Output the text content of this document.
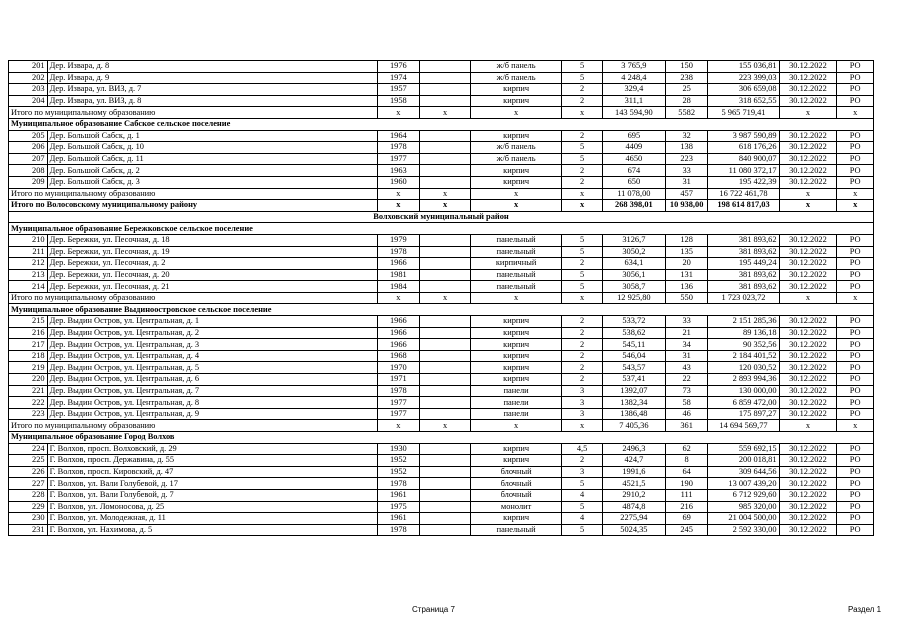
201	Дер. Извара, д. 8	1976		ж/б панель	5	3 765,9	150	155 036,81	30.12.2022	РО
202	Дер. Извара, д. 9	1974		ж/б панель	5	4 248,4	238	223 399,03	30.12.2022	РО
203	Дер. Извара, ул. ВИЗ, д. 7	1957		кирпич	2	329,4	25	306 659,08	30.12.2022	РО
204	Дер. Извара, ул. ВИЗ, д. 8	1958		кирпич	2	311,1	28	318 652,55	30.12.2022	РО
Итого по муниципальному образованию		x	x	x	x	143 594,90	5582	5 965 719,41	x	x
Муниципальное образование Сабское сельское поселение										
205	Дер. Большой Сабск, д. 1	1964		кирпич	2	695	32	3 987 590,89	30.12.2022	РО
206	Дер. Большой Сабск, д. 10	1978		ж/б панель	5	4409	138	618 176,26	30.12.2022	РО
207	Дер. Большой Сабск, д. 11	1977		ж/б панель	5	4650	223	840 900,07	30.12.2022	РО
208	Дер. Большой Сабск, д. 2	1963		кирпич	2	674	33	11 080 372,17	30.12.2022	РО
209	Дер. Большой Сабск, д. 3	1960		кирпич	2	650	31	195 422,39	30.12.2022	РО
Итого по муниципальному образованию		x	x	x	x	11 078,00	457	16 722 461,78	x	x
Итого по Волосовскому муниципальному району		x	x	x	x	268 398,01	10 938,00	198 614 817,03	x	x
Волховский муниципальный район										
Муниципальное образование Бережковское сельское поселение										
210	Дер. Бережки, ул. Песочная, д. 18	1979		панельный	5	3126,7	128	381 893,62	30.12.2022	РО
211	Дер. Бережки, ул. Песочная, д. 19	1978		панельный	5	3050,2	135	381 893,62	30.12.2022	РО
212	Дер. Бережки, ул. Песочная, д. 2	1966		кирпичный	2	634,1	20	195 449,24	30.12.2022	РО
213	Дер. Бережки, ул. Песочная, д. 20	1981		панельный	5	3056,1	131	381 893,62	30.12.2022	РО
214	Дер. Бережки, ул. Песочная, д. 21	1984		панельный	5	3058,7	136	381 893,62	30.12.2022	РО
Итого по муниципальному образованию		x	x	x	x	12 925,80	550	1 723 023,72	x	x
Муниципальное образование Выдиноостровское сельское поселение										
215	Дер. Выдин Остров, ул. Центральная, д. 1	1966		кирпич	2	533,72	33	2 151 285,36	30.12.2022	РО
216	Дер. Выдин Остров, ул. Центральная, д. 2	1966		кирпич	2	538,62	21	89 136,18	30.12.2022	РО
217	Дер. Выдин Остров, ул. Центральная, д. 3	1966		кирпич	2	545,11	34	90 352,56	30.12.2022	РО
218	Дер. Выдин Остров, ул. Центральная, д. 4	1968		кирпич	2	546,04	31	2 184 401,52	30.12.2022	РО
219	Дер. Выдин Остров, ул. Центральная, д. 5	1970		кирпич	2	543,57	43	120 030,52	30.12.2022	РО
220	Дер. Выдин Остров, ул. Центральная, д. 6	1971		кирпич	2	537,41	22	2 893 994,36	30.12.2022	РО
221	Дер. Выдин Остров, ул. Центральная, д. 7	1978		панели	3	1392,07	73	130 000,00	30.12.2022	РО
222	Дер. Выдин Остров, ул. Центральная, д. 8	1977		панели	3	1382,34	58	6 859 472,00	30.12.2022	РО
223	Дер. Выдин Остров, ул. Центральная, д. 9	1977		панели	3	1386,48	46	175 897,27	30.12.2022	РО
Итого по муниципальному образованию		x	x	x	x	7 405,36	361	14 694 569,77	x	x
Муниципальное образование Город Волхов										
224	Г. Волхов, просп. Волховский, д. 29	1930		кирпич	4,5	2496,3	62	559 692,15	30.12.2022	РО
225	Г. Волхов, просп. Державина, д. 55	1952		кирпич	2	424,7	8	200 018,81	30.12.2022	РО
226	Г. Волхов, просп. Кировский, д. 47	1952		блочный	3	1991,6	64	309 644,56	30.12.2022	РО
227	Г. Волхов, ул. Вали Голубевой, д. 17	1978		блочный	5	4521,5	190	13 007 439,20	30.12.2022	РО
228	Г. Волхов, ул. Вали Голубевой, д. 7	1961		блочный	4	2910,2	111	6 712 929,60	30.12.2022	РО
229	Г. Волхов, ул. Ломоносова, д. 25	1975		монолит	5	4874,8	216	985 320,00	30.12.2022	РО
230	Г. Волхов, ул. Молодежная, д. 11	1961		кирпич	4	2275,94	69	21 004 500,00	30.12.2022	РО
231	Г. Волхов, ул. Нахимова, д. 5	1978		панельный	5	5024,35	245	2 592 330,00	30.12.2022	РО
Страница 7	Раздел 1
